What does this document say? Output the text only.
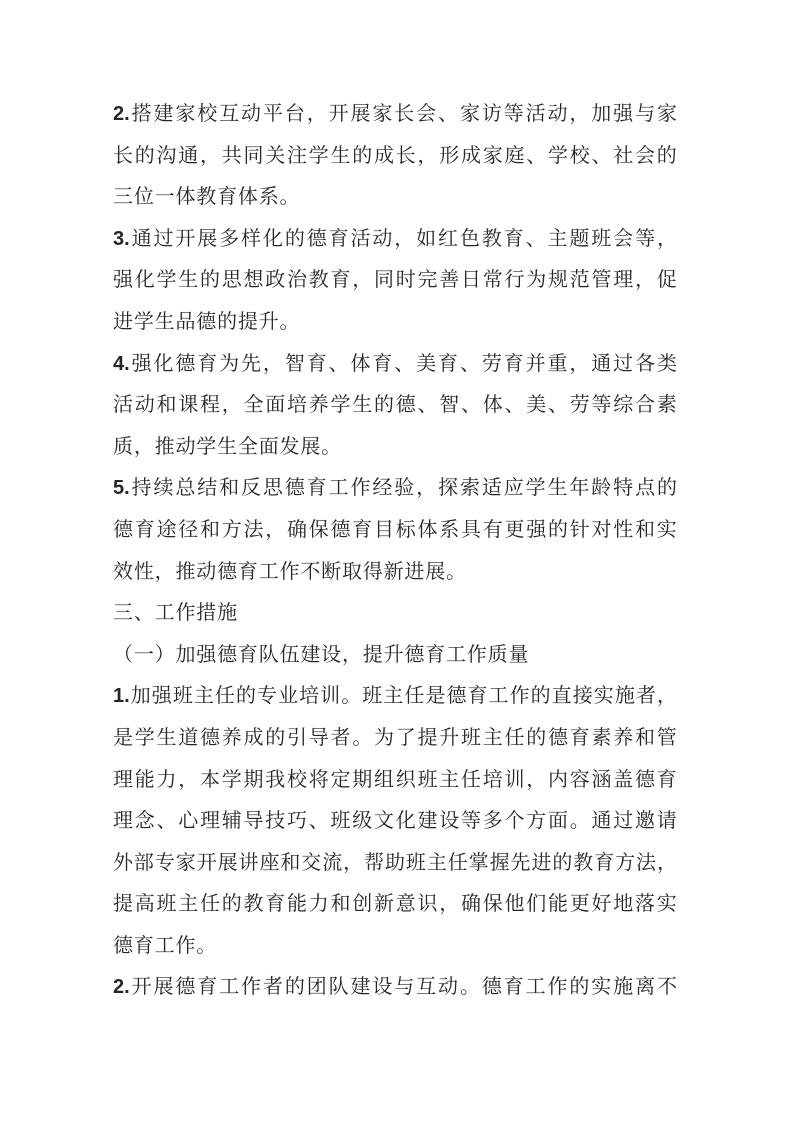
2. 搭 建 家 校 互 动 平 台 ， 开 展 家 长 会 、 家 访 等 活 动 ， 加 强 与 家
长 的 沟 通 ， 共 同 关 注 学 生 的 成 长 ， 形 成 家 庭 、 学 校 、 社 会 的
三 位 一 体 教 育 体 系 。
3. 通 过 开 展 多 样 化 的 德 育 活 动 ， 如 红 色 教 育 、 主 题 班 会 等 ，
强 化 学 生 的 思 想 政 治 教 育 ， 同 时 完 善 日 常 行 为 规 范 管 理 ， 促
进 学 生 品 德 的 提 升 。
4. 强 化 德 育 为 先 ， 智 育 、 体 育 、 美 育 、 劳 育 并 重 ， 通 过 各 类
活 动 和 课 程 ， 全 面 培 养 学 生 的 德 、 智 、 体 、 美 、 劳 等 综 合 素
质 ， 推 动 学 生 全 面 发 展 。
5. 持 续 总 结 和 反 思 德 育 工 作 经 验 ， 探 索 适 应 学 生 年 龄 特 点 的
德 育 途 径 和 方 法 ， 确 保 德 育 目 标 体 系 具 有 更 强 的 针 对 性 和 实
效 性 ， 推 动 德 育 工 作 不 断 取 得 新 进 展 。
三 、 工 作 措 施
（ 一 ） 加 强 德 育 队 伍 建 设 ， 提 升 德 育 工 作 质 量
1. 加 强 班 主 任 的 专 业 培 训 。 班 主 任 是 德 育 工 作 的 直 接 实 施 者 ，
是 学 生 道 德 养 成 的 引 导 者 。 为 了 提 升 班 主 任 的 德 育 素 养 和 管
理 能 力 ， 本 学 期 我 校 将 定 期 组 织 班 主 任 培 训 ， 内 容 涵 盖 德 育
理 念 、 心 理 辅 导 技 巧 、 班 级 文 化 建 设 等 多 个 方 面 。 通 过 邀 请
外 部 专 家 开 展 讲 座 和 交 流 ， 帮 助 班 主 任 掌 握 先 进 的 教 育 方 法 ，
提 高 班 主 任 的 教 育 能 力 和 创 新 意 识 ， 确 保 他 们 能 更 好 地 落 实
德 育 工 作 。
2. 开 展 德 育 工 作 者 的 团 队 建 设 与 互 动 。 德 育 工 作 的 实 施 离 不
